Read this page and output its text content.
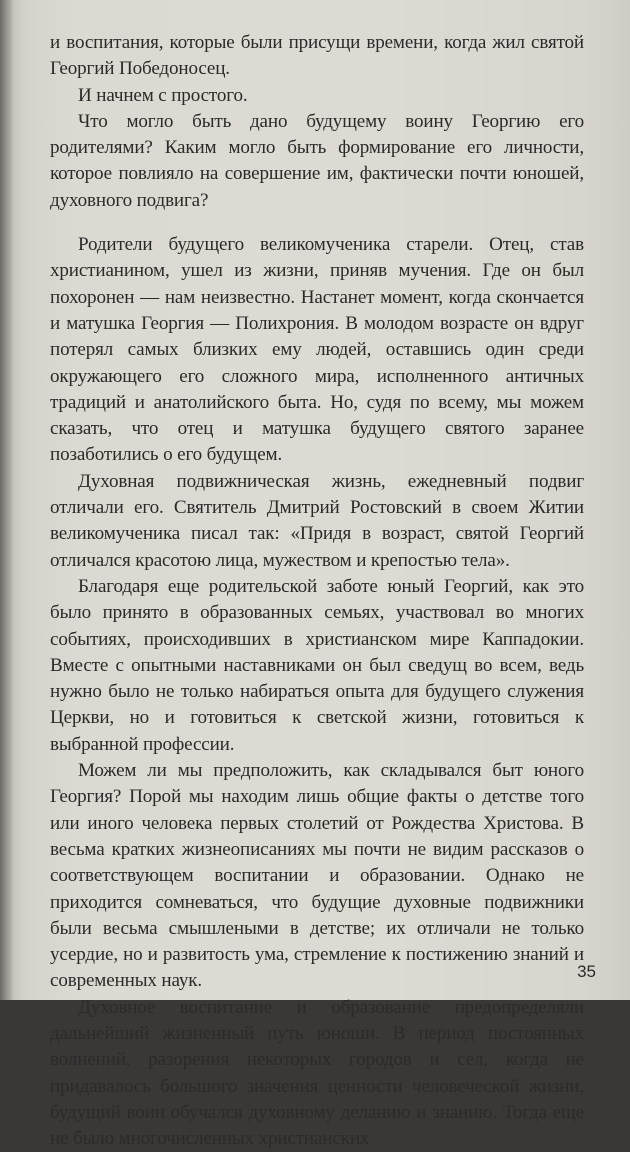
и воспитания, которые были присущи времени, когда жил святой Георгий Победоносец.

И начнем с простого.

Что могло быть дано будущему воину Георгию его родителями? Каким могло быть формирование его личности, которое повлияло на совершение им, фактически почти юношей, духовного подвига?

Родители будущего великомученика старели. Отец, став христианином, ушел из жизни, приняв мучения. Где он был похоронен — нам неизвестно. Настанет момент, когда скончается и матушка Георгия — Полихрония. В молодом возрасте он вдруг потерял самых близких ему людей, оставшись один среди окружающего его сложного мира, исполненного античных традиций и анатолийского быта. Но, судя по всему, мы можем сказать, что отец и матушка будущего святого заранее позаботились о его будущем.

Духовная подвижническая жизнь, ежедневный подвиг отличали его. Святитель Дмитрий Ростовский в своем Житии великомученика писал так: «Придя в возраст, святой Георгий отличался красотою лица, мужеством и крепостью тела».

Благодаря еще родительской заботе юный Георгий, как это было принято в образованных семьях, участвовал во многих событиях, происходивших в христианском мире Каппадокии. Вместе с опытными наставниками он был сведущ во всем, ведь нужно было не только набираться опыта для будущего служения Церкви, но и готовиться к светской жизни, готовиться к выбранной профессии.

Можем ли мы предположить, как складывался быт юного Георгия? Порой мы находим лишь общие факты о детстве того или иного человека первых столетий от Рождества Христова. В весьма кратких жизнеописаниях мы почти не видим рассказов о соответствующем воспитании и образовании. Однако не приходится сомневаться, что будущие духовные подвижники были весьма смышлеными в детстве; их отличали не только усердие, но и развитость ума, стремление к постижению знаний и современных наук.

Духовное воспитание и образование предопределяли дальнейший жизненный путь юноши. В период постоянных волнений, разорения некоторых городов и сел, когда не придавалось большого значения ценности человеческой жизни, будущий воин обучался духовному деланию и знанию. Тогда еще не было многочисленных христианских

35
